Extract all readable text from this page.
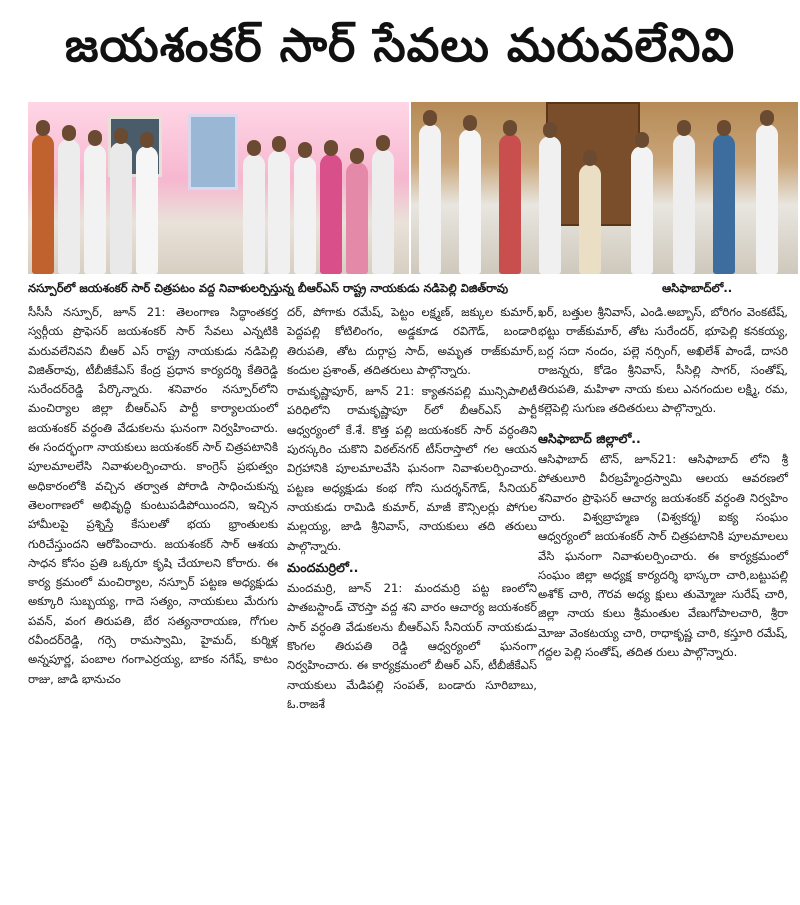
జయశంకర్ సార్ సేవలు మరువలేనివి
నస్పూర్‌లో జయశంకర్ సార్ చిత్రపటం వద్ద నివాళులర్పిస్తున్న బీఆర్ఎస్ రాష్ట్ర నాయకుడు నడిపెల్లి విజిత్‌రావు	ఆసిఫాబాద్‌లో..
సీసీసీ నస్పూర్, జూన్ 21: తెలంగాణ సిద్ధాంతకర్త స్వర్గీయ ప్రొఫెసర్ జయశంకర్ సార్ సేవలు ఎన్నటికి మరువలేనివని బీఆర్ ఎస్ రాష్ట్ర నాయకుడు నడిపెల్లి విజిత్‌రావు, టీబీజీకేఎస్ కేంద్ర ప్రధాన కార్యదర్శి కేతిరెడ్డి సురేందర్‌రెడ్డి పేర్కొన్నారు. శనివారం నస్పూర్‌లోని మంచిర్యాల జిల్లా బీఆర్ఎస్ పార్టీ కార్యాలయంలో జయశంకర్ వర్ధంతి వేడుకలను ఘనంగా నిర్వహించారు. ఈ సందర్భంగా నాయకులు జయశంకర్ సార్ చిత్రపటానికి పూలమాలలేసి నివాళులర్పించారు. కాంగ్రెస్ ప్రభుత్వం అధికారంలోకి వచ్చిన తర్వాత పోరాడి సాధించుకున్న తెలంగాణలో అభివృద్ధి కుంటుపడిపోయిందని, ఇచ్చిన హామీలపై ప్రశ్నిస్తే కేసులతో భయ భ్రాంతులకు గురిచేస్తుందని ఆరోపించారు. జయశంకర్ సార్ ఆశయ సాధన కోసం ప్రతి ఒక్కరూ కృషి చేయాలని కోరారు. ఈ కార్య క్రమంలో మంచిర్యాల, నస్పూర్ పట్టణ అధ్యక్షుడు అక్కూరి సుబ్బయ్య, గాదె సత్యం, నాయకులు మేరుగు పవన్, వంగ తిరుపతి, బేర సత్యనారాయణ, గోగుల రవీందర్‌రెడ్డి, గర్సె రామస్వామి, హైమద్, కుర్మిళ్ల అన్నపూర్ణ, పంబాల గంగాఎర్రయ్య, బాకం నగేష్, కాటం రాజు, జాడి భానుచం
దర్, పోగాకు రమేష్, పెట్టం లక్ష్మణ్, జక్కుల కుమార్, పెద్దపల్లి కోటిలింగం, అడ్డకూడ రవిగౌడ్, బండారి తిరుపతి, తోట దుర్గాప్ర సాద్, అమృత రాజ్‌కుమార్, కందుల ప్రశాంత్, తదితరులు పాల్గొన్నారు.
రామకృష్ణాపూర్, జూన్ 21: క్యాతనపల్లి మున్సిపాలిటీ పరిధిలోని రామకృష్ణాపూ ర్‌లో బీఆర్ఎస్ పార్టీ ఆధ్వర్యంలో కే.శే. కొత్త పల్లి జయశంకర్ సార్ వర్ధంతిని పురస్కరిం చుకొని విఠల్‌నగర్ టీస్‌రాస్తాలో గల ఆయన విగ్రహానికి పూలమాలవేసి ఘనంగా నివాళులర్పించారు. పట్టణ అధ్యక్షుడు కంభ గోని సుదర్శన్‌గౌడ్, సీనియర్ నాయకుడు రామిడి కుమార్, మాజీ కౌన్సిలర్లు పోగుల మల్లయ్య, జాడి శ్రీనివాస్, నాయకులు తది తరులు పాల్గొన్నారు.
మందమర్రిలో..
మందమర్రి, జూన్ 21: మందమర్రి పట్ట ణంలోని పాతబస్టాండ్ చౌరస్తా వద్ద శని వారం ఆచార్య జయశంకర్ సార్ వర్ధంతి వేడుకలను బీఆర్ఎస్ సీనియర్ నాయకుడు కొంగల తిరుపతి రెడ్డి ఆధ్వర్యంలో ఘనంగా నిర్వహించారు. ఈ కార్యక్రమంలో బీఆర్ ఎస్, టీబీజీకేఎస్ నాయకులు మేడిపల్లి సంపత్, బండారు సూరిబాబు, ఓ.రాజశే
ఖర్, బత్తుల శ్రీనివాస్, ఎండి.అబ్బాస్, బోరిగం వెంకటేష్, భట్టు రాజ్‌కుమార్, తోట సురేందర్, భూపెల్లి కనకయ్య, బర్ల సదా నందం, పల్లె నర్సింగ్, అఖిలేశ్ పాండే, దాసరి రాజన్నరు, కోడెం శ్రీనివాస్, సీసిల్లి సాగర్, సంతోష్, తిరుపతి, మహిళా నాయ కులు ఎనగందుల లక్ష్మి, రమ, కల్లెపెల్లి సుగుణ తదితరులు పాల్గొన్నారు.
ఆసిఫాబాద్ జిల్లాలో..
ఆసిఫాబాద్ టౌన్, జూన్21: ఆసిఫాబాద్ లోని శ్రీ పోతులూరి వీరబ్రహ్మేంద్రస్వామి ఆలయ ఆవరణలో శనివారం ప్రొఫెసర్ ఆచార్య జయశంకర్ వర్ధంతి నిర్వహిం చారు. విశ్వబ్రాహ్మణ (విశ్వకర్మ) ఐక్య సంఘం ఆధ్వర్యంలో జయశంకర్ సార్ చిత్రపటానికి పూలమాలలు వేసి ఘనంగా నివాళులర్పించారు. ఈ కార్యక్రమంలో సంఘం జిల్లా అధ్యక్ష కార్యదర్శి భాస్కరా చారి,బట్టుపల్లి అశోక్ చారి, గౌరవ అధ్య క్షులు తుమ్మోజు సురేష్ చారి, జిల్లా నాయ కులు శ్రీమంతుల వేణుగోపాలచారి, శ్రీరా మోజు వెంకటయ్య చారి, రాధాకృష్ణ చారి, కస్తూరి రమేష్, గద్దల పెల్లి సంతోష్, తదిత రులు పాల్గొన్నారు.
